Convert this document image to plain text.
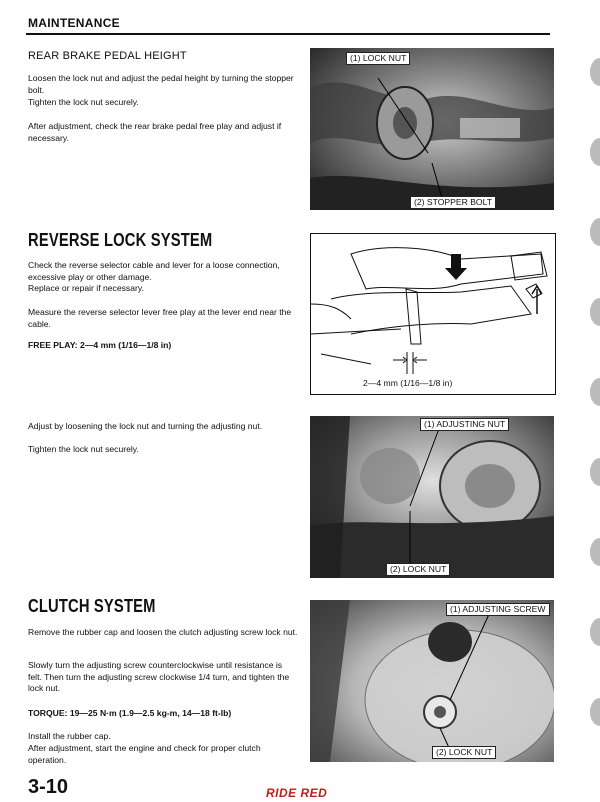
MAINTENANCE
REAR BRAKE PEDAL HEIGHT

Loosen the lock nut and adjust the pedal height by turning the stopper bolt.

Tighten the lock nut securely.

After adjustment, check the rear brake pedal free play and adjust if necessary.

(1) LOCK NUT
(2) STOPPER BOLT
REVERSE LOCK SYSTEM

Check the reverse selector cable and lever for a loose connection, excessive play or other damage.

Replace or repair if necessary.

Measure the reverse selector lever free play at the lever end near the cable.

FREE PLAY: 2—4 mm (1/16—1/8 in)

2—4 mm (1/16—1/8 in)

Adjust by loosening the lock nut and turning the adjusting nut.

Tighten the lock nut securely.

(1) ADJUSTING NUT
(2) LOCK NUT
CLUTCH SYSTEM

Remove the rubber cap and loosen the clutch adjusting screw lock nut.

Slowly turn the adjusting screw counterclockwise until resistance is felt. Then turn the adjusting screw clockwise 1/4 turn, and tighten the lock nut.

TORQUE: 19—25 N·m (1.9—2.5 kg-m, 14—18 ft-lb)

Install the rubber cap.

After adjustment, start the engine and check for proper clutch operation.

(1) ADJUSTING SCREW
(2) LOCK NUT
3-10	RIDE RED
